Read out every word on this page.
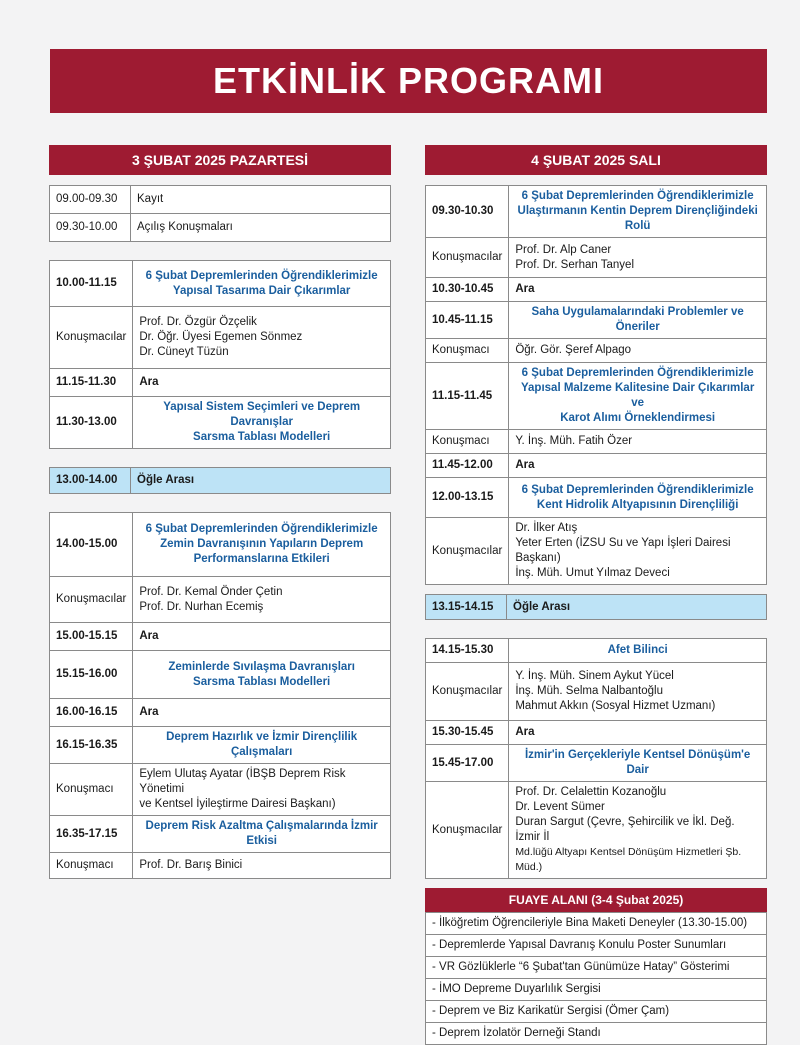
ETKİNLİK PROGRAMI
3 ŞUBAT 2025 PAZARTESİ
09.00-09.30	Kayıt
09.30-10.00	Açılış Konuşmaları
10.00-11.15	6 Şubat Depremlerinden Öğrendiklerimizle
Yapısal Tasarıma Dair Çıkarımlar

Konuşmacılar	Prof. Dr. Özgür Özçelik
Dr. Öğr. Üyesi Egemen Sönmez
Dr. Cüneyt Tüzün

11.15-11.30	Ara
11.30-13.00	Yapısal Sistem Seçimleri ve Deprem Davranışlar
Sarsma Tablası Modelleri
13.00-14.00	Öğle Arası
14.00-15.00	6 Şubat Depremlerinden Öğrendiklerimizle
Zemin Davranışının Yapıların Deprem
Performanslarına Etkileri

Konuşmacılar	Prof. Dr. Kemal Önder Çetin
Prof. Dr. Nurhan Ecemiş

15.00-15.15	Ara
15.15-16.00	Zeminlerde Sıvılaşma Davranışları
Sarsma Tablası Modelleri

16.00-16.15	Ara
16.15-16.35	Deprem Hazırlık ve İzmir Dirençlilik Çalışmaları
Konuşmacı	Eylem Ulutaş Ayatar (İBŞB Deprem Risk Yönetimi
ve Kentsel İyileştirme Dairesi Başkanı)

16.35-17.15	Deprem Risk Azaltma Çalışmalarında İzmir Etkisi
Konuşmacı	Prof. Dr. Barış Binici
4 ŞUBAT 2025 SALI
09.30-10.30	6 Şubat Depremlerinden Öğrendiklerimizle
Ulaştırmanın Kentin Deprem Dirençliğindeki Rolü

Konuşmacılar	Prof. Dr. Alp Caner
Prof. Dr. Serhan Tanyel

10.30-10.45	Ara
10.45-11.15	Saha Uygulamalarındaki Problemler ve Öneriler
Konuşmacı	Öğr. Gör. Şeref Alpago
11.15-11.45	6 Şubat Depremlerinden Öğrendiklerimizle
Yapısal Malzeme Kalitesine Dair Çıkarımlar ve
Karot Alımı Örneklendirmesi

Konuşmacı	Y. İnş. Müh. Fatih Özer
11.45-12.00	Ara
12.00-13.15	6 Şubat Depremlerinden Öğrendiklerimizle
Kent Hidrolik Altyapısının Dirençliliği

Konuşmacılar	Dr. İlker Atış
Yeter Erten (İZSU Su ve Yapı İşleri Dairesi Başkanı)
İnş. Müh. Umut Yılmaz Deveci
13.15-14.15	Öğle Arası
14.15-15.30	Afet Bilinci
Konuşmacılar	Y. İnş. Müh. Sinem Aykut Yücel
İnş. Müh. Selma Nalbantoğlu
Mahmut Akkın (Sosyal Hizmet Uzmanı)

15.30-15.45	Ara
15.45-17.00	İzmir'in Gerçekleriyle Kentsel Dönüşüm'e Dair
Konuşmacılar	Prof. Dr. Celalettin Kozanoğlu
Dr. Levent Sümer
Duran Sargut (Çevre, Şehircilik ve İkl. Değ. İzmir İl
Md.lüğü Altyapı Kentsel Dönüşüm Hizmetleri Şb. Müd.)
FUAYE ALANI (3-4 Şubat 2025)
- İlköğretim Öğrencileriyle Bina Maketi Deneyler (13.30-15.00)
- Depremlerde Yapısal Davranış Konulu Poster Sunumları
- VR Gözlüklerle “6 Şubat'tan Günümüze Hatay” Gösterimi
- İMO Depreme Duyarlılık Sergisi
- Deprem ve Biz Karikatür Sergisi (Ömer Çam)
- Deprem İzolatör Derneği Standı
